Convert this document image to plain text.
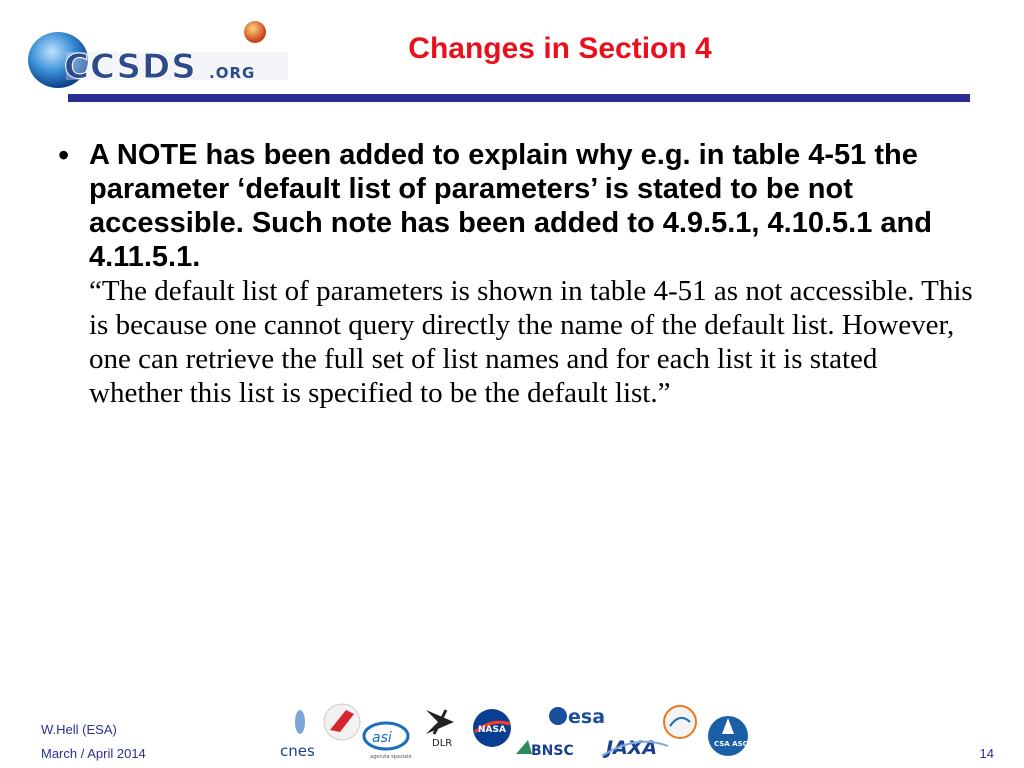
CCSDS .ORG
Changes in Section 4
• A NOTE has been added to explain why e.g. in table 4-51 the parameter ‘default list of parameters’ is stated to be not accessible. Such note has been added to 4.9.5.1, 4.10.5.1 and 4.11.5.1.
“The default list of parameters is shown in table 4-51 as not accessible. This is because one cannot query directly the name of the default list. However, one can retrieve the full set of list names and for each list it is stated whether this list is specified to be the default list.”
W.Hell (ESA)
March / April 2014	14
cnes
asi
agenzia spaziale
DLR
NASA
esa
BNSC JAXA	CSA ASC
